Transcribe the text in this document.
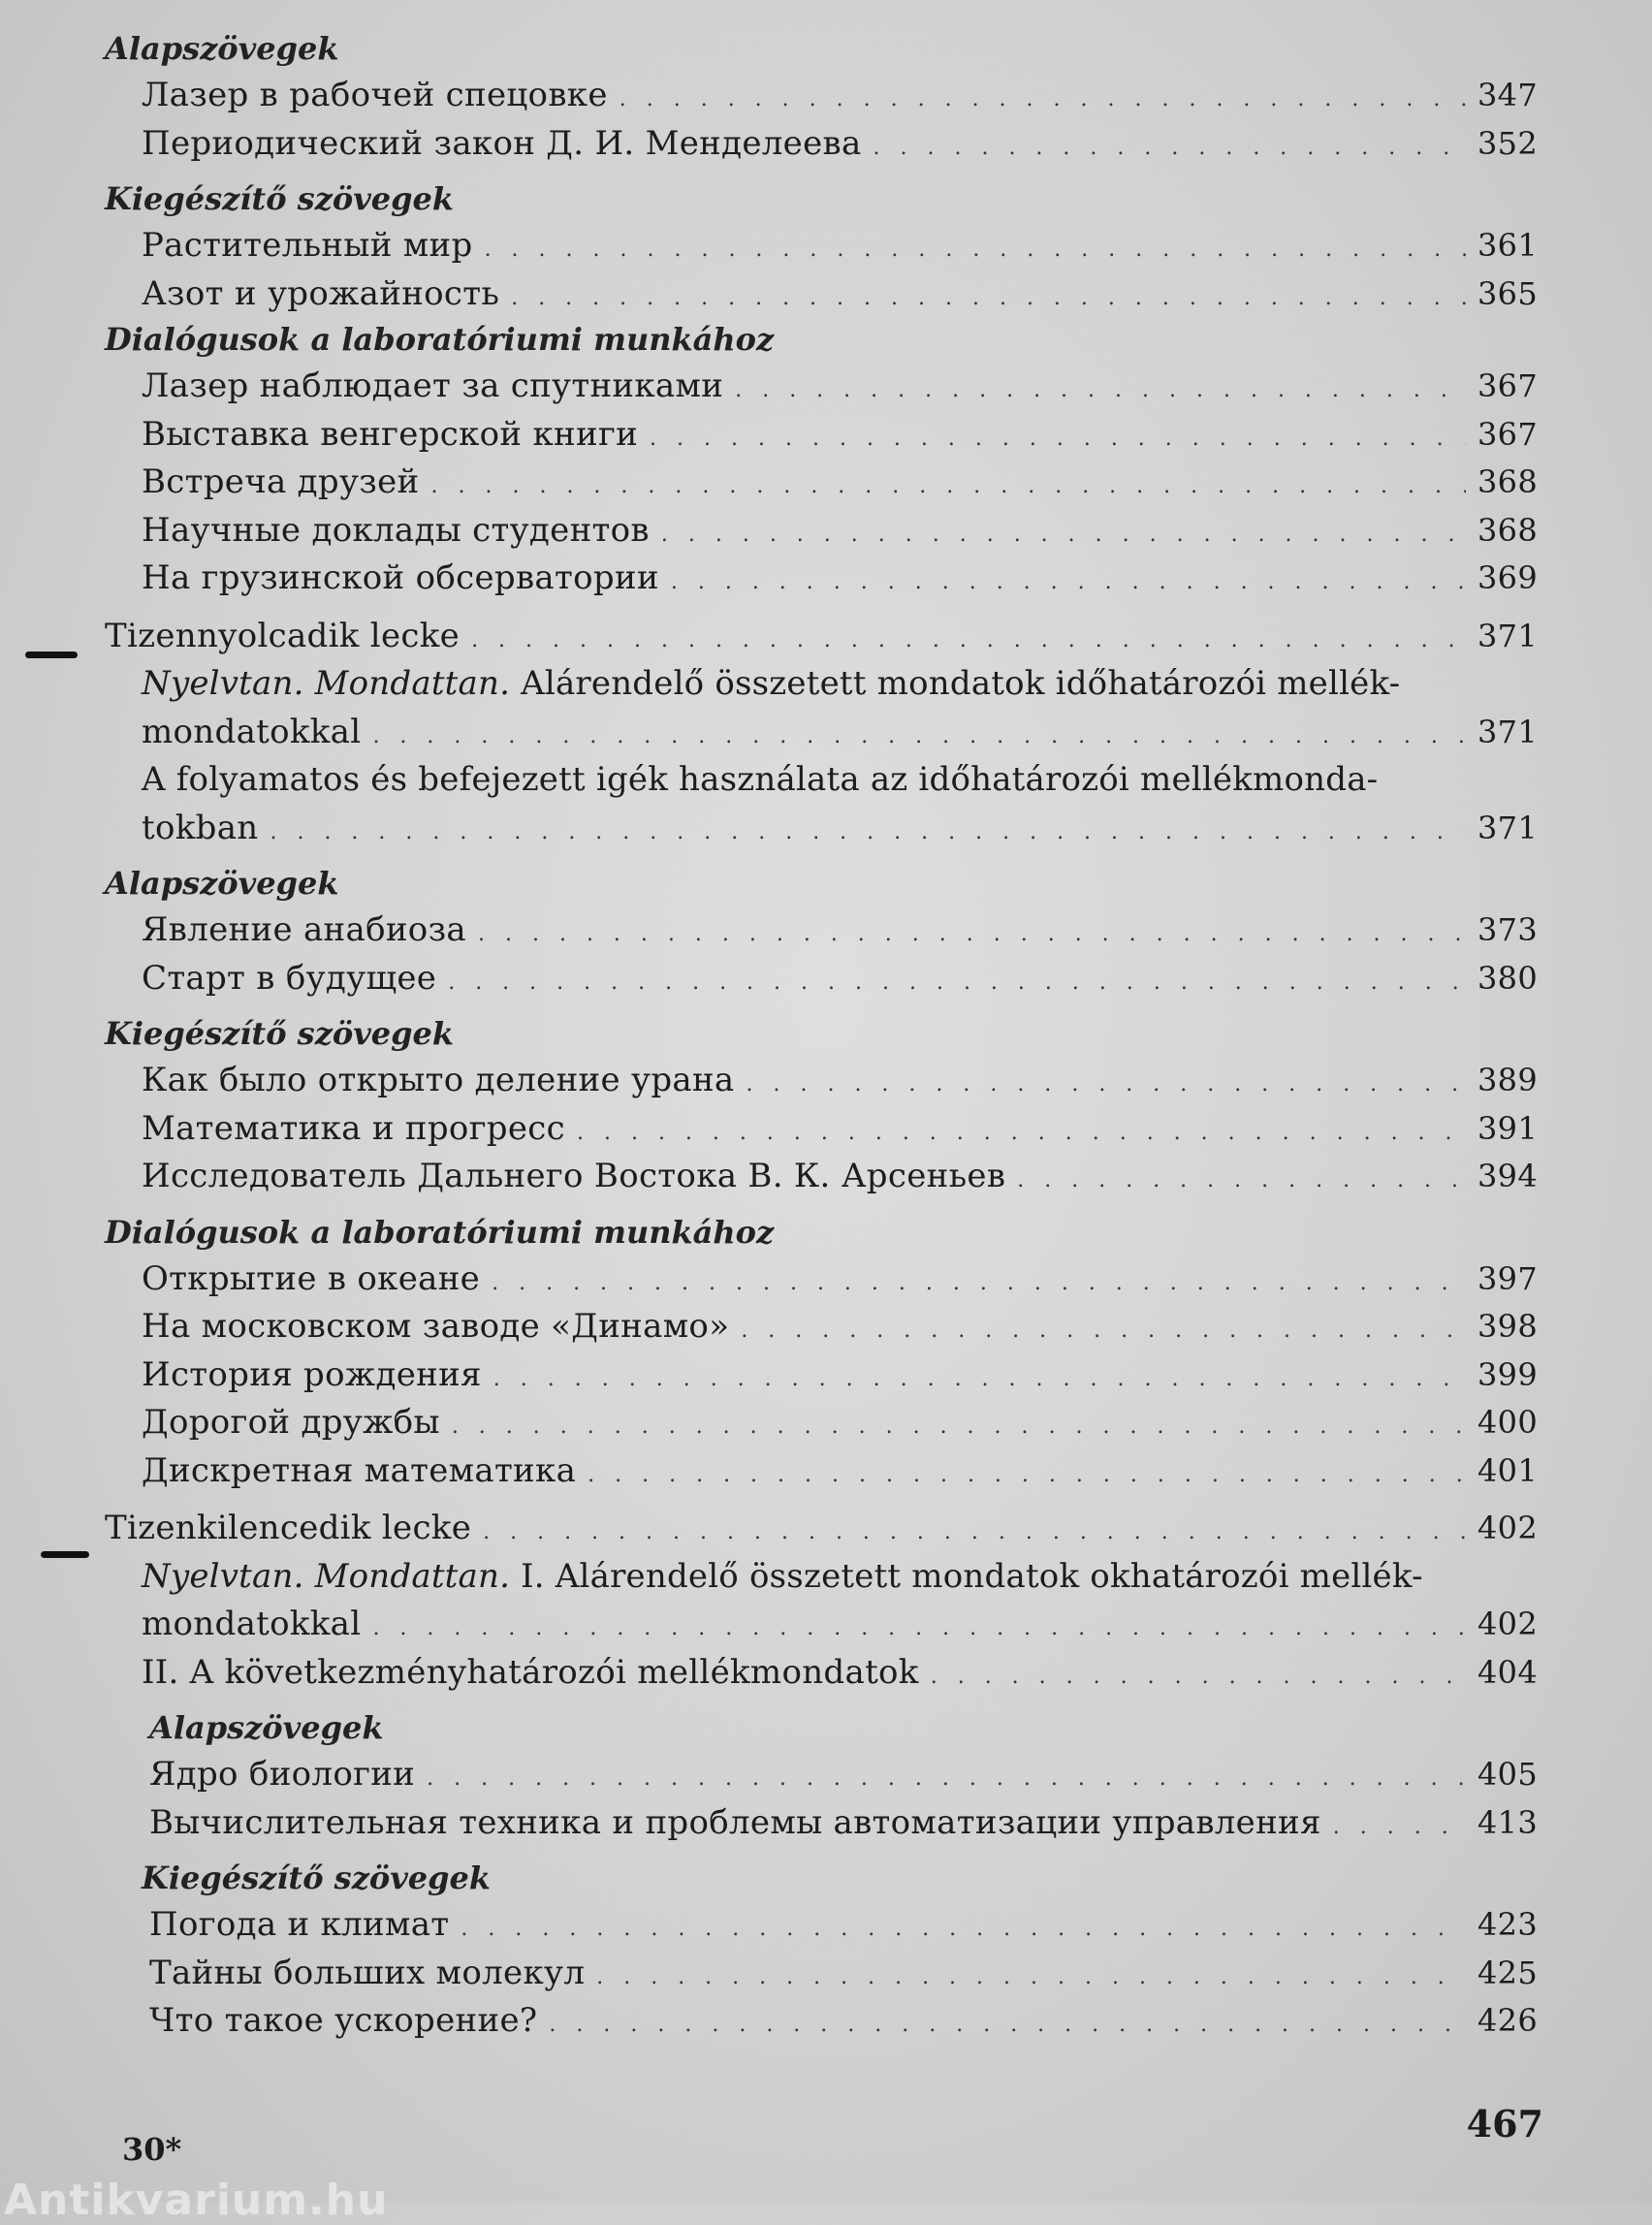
Alapszövegek
Лазер в рабочей спецовке . . .	347
Периодический закон Д. И. Менделеева . . .	352
Kiegészítő szövegek
Растительный мир . . .	361
Азот и урожайность . . .	365
Dialógusok a laboratóriumi munkához
Лазер наблюдает за спутниками . . .	367
Выставка венгерской книги . . .	367
Встреча друзей . . .	368
Научные доклады студентов . . .	368
На грузинской обсерватории . . .	369
Tizennyolcadik lecke . . .	371
Nyelvtan. Mondattan. Alárendelő összetett mondatok időhatározói mellék-
mondatokkal . . .	371
A folyamatos és befejezett igék használata az időhatározói mellékmonda-
tokban . . .	371
Alapszövegek
Явление анабиоза . . .	373
Старт в будущее . . .	380
Kiegészítő szövegek
Как было открыто деление урана . . .	389
Математика и прогресс . . .	391
Исследователь Дальнего Востока В. К. Арсеньев . . .	394
Dialógusok a laboratóriumi munkához
Открытие в океане . . .	397
На московском заводе «Динамо» . . .	398
История рождения . . .	399
Дорогой дружбы . . .	400
Дискретная математика . . .	401
Tizenkilencedik lecke . . .	402
Nyelvtan. Mondattan. I. Alárendelő összetett mondatok okhatározói mellék-
mondatokkal . . .	402
II. A következményhatározói mellékmondatok . . .	404
Alapszövegek
Ядро биологии . . .	405
Вычислительная техника и проблемы автоматизации управления . . .	413
Kiegészítő szövegek
Погода и климат . . .	423
Тайны больших молекул . . .	425
Что такое ускорение? . . .	426
30*
467
Antikvarium.hu
